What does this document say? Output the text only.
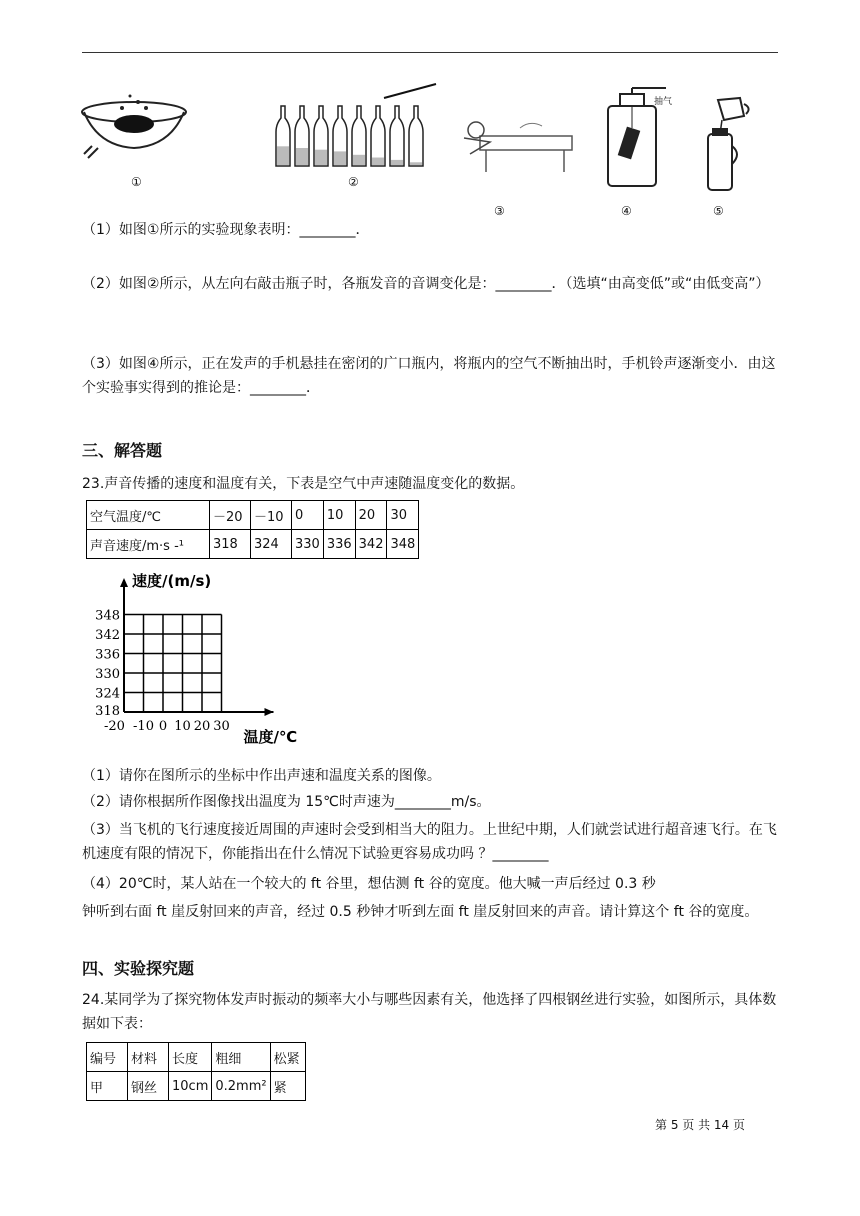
①	②
③
抽气
④	⑤
（1）如图①所示的实验现象表明：________．
（2）如图②所示，从左向右敲击瓶子时，各瓶发音的音调变化是：________．（选填“由高变低”或“由低变高”）
（3）如图④所示，正在发声的手机悬挂在密闭的广口瓶内，将瓶内的空气不断抽出时，手机铃声逐渐变小．由这个实验事实得到的推论是：________．
三、解答题
23.声音传播的速度和温度有关，下表是空气中声速随温度变化的数据。
空气温度/℃	－20	－10	0	10	20	30
声音速度/m·s -¹	318	324	330	336	342	348
-20 -10 0 10 20 30
324
330
336
342
348
318
速度/(m/s)
温度/℃
（1）请你在图所示的坐标中作出声速和温度关系的图像。
（2）请你根据所作图像找出温度为 15℃时声速为________m/s。
（3）当飞机的飞行速度接近周围的声速时会受到相当大的阻力。上世纪中期，人们就尝试进行超音速飞行。在飞机速度有限的情况下，你能指出在什么情况下试验更容易成功吗 ？________
（4）20℃时，某人站在一个较大的 ft 谷里，想估测 ft 谷的宽度。他大喊一声后经过 0.3 秒
钟听到右面 ft 崖反射回来的声音，经过 0.5 秒钟才听到左面 ft 崖反射回来的声音。请计算这个 ft 谷的宽度。
四、实验探究题
24.某同学为了探究物体发声时振动的频率大小与哪些因素有关，他选择了四根钢丝进行实验，如图所示，具体数据如下表：
编号	材料	长度	粗细	松紧
甲	钢丝	10cm	0.2mm²	紧
第 5 页 共 14 页
